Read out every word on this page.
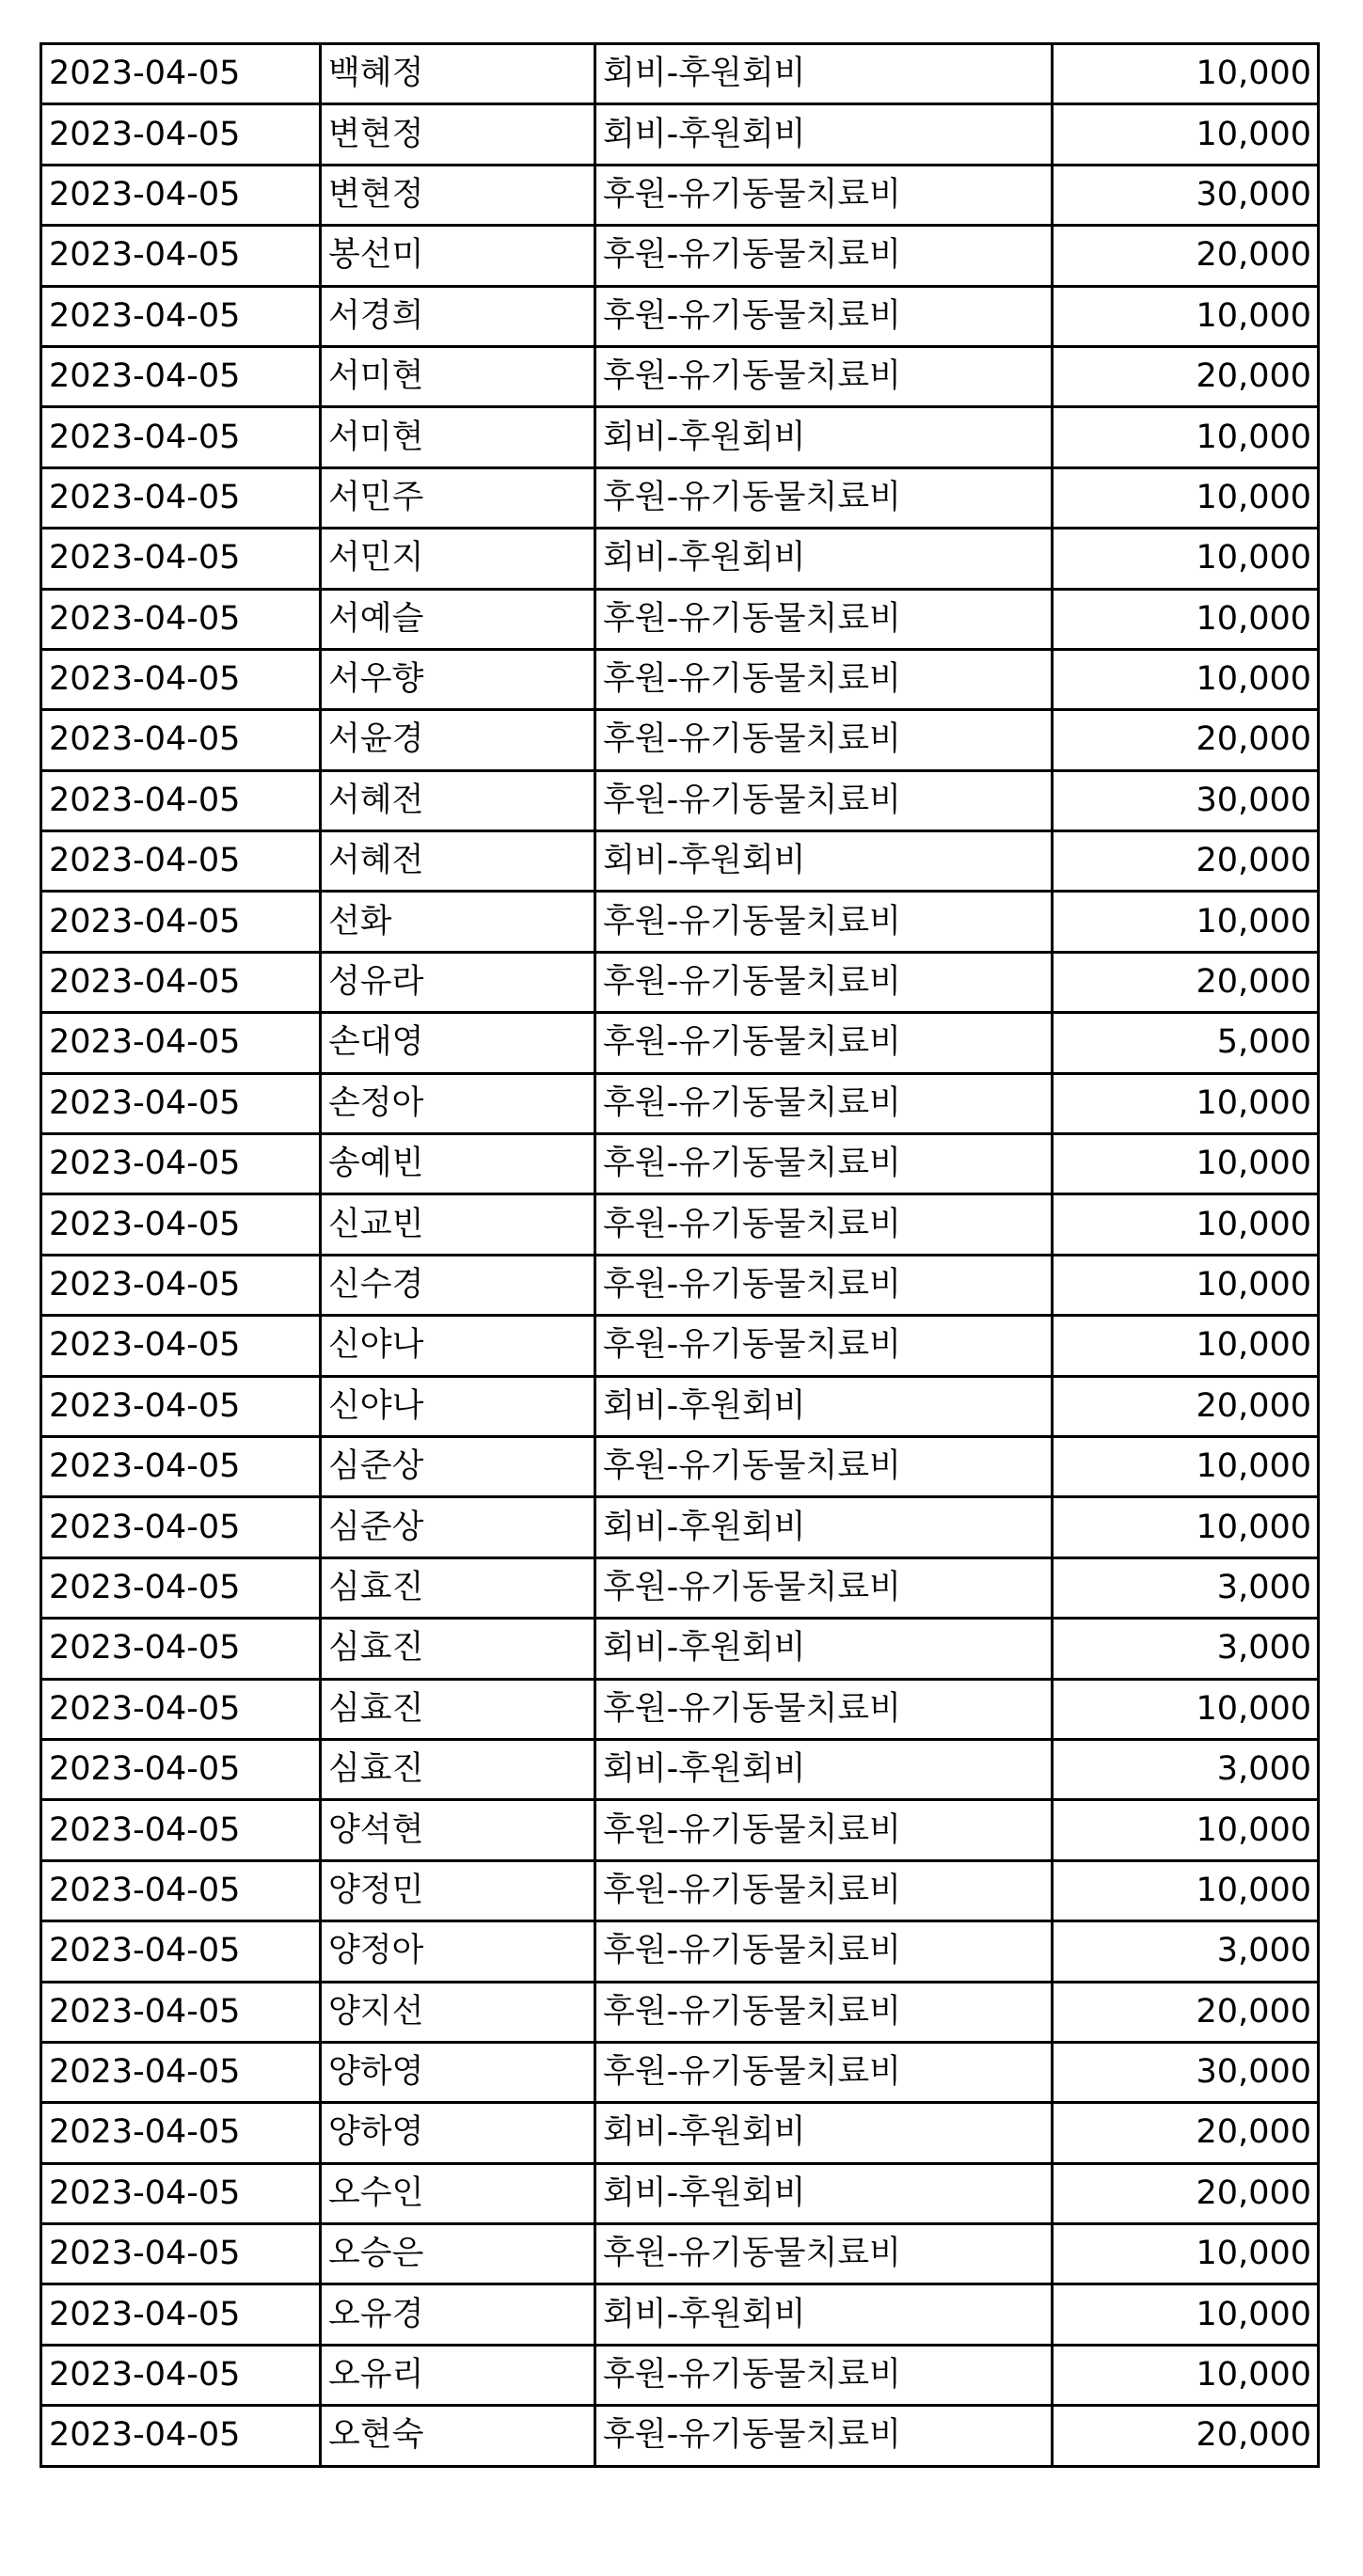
2023-04-05	백혜정	회비-후원회비	10,000
2023-04-05	변현정	회비-후원회비	10,000
2023-04-05	변현정	후원-유기동물치료비	30,000
2023-04-05	봉선미	후원-유기동물치료비	20,000
2023-04-05	서경희	후원-유기동물치료비	10,000
2023-04-05	서미현	후원-유기동물치료비	20,000
2023-04-05	서미현	회비-후원회비	10,000
2023-04-05	서민주	후원-유기동물치료비	10,000
2023-04-05	서민지	회비-후원회비	10,000
2023-04-05	서예슬	후원-유기동물치료비	10,000
2023-04-05	서우향	후원-유기동물치료비	10,000
2023-04-05	서윤경	후원-유기동물치료비	20,000
2023-04-05	서혜전	후원-유기동물치료비	30,000
2023-04-05	서혜전	회비-후원회비	20,000
2023-04-05	선화	후원-유기동물치료비	10,000
2023-04-05	성유라	후원-유기동물치료비	20,000
2023-04-05	손대영	후원-유기동물치료비	5,000
2023-04-05	손정아	후원-유기동물치료비	10,000
2023-04-05	송예빈	후원-유기동물치료비	10,000
2023-04-05	신교빈	후원-유기동물치료비	10,000
2023-04-05	신수경	후원-유기동물치료비	10,000
2023-04-05	신야나	후원-유기동물치료비	10,000
2023-04-05	신야나	회비-후원회비	20,000
2023-04-05	심준상	후원-유기동물치료비	10,000
2023-04-05	심준상	회비-후원회비	10,000
2023-04-05	심효진	후원-유기동물치료비	3,000
2023-04-05	심효진	회비-후원회비	3,000
2023-04-05	심효진	후원-유기동물치료비	10,000
2023-04-05	심효진	회비-후원회비	3,000
2023-04-05	양석현	후원-유기동물치료비	10,000
2023-04-05	양정민	후원-유기동물치료비	10,000
2023-04-05	양정아	후원-유기동물치료비	3,000
2023-04-05	양지선	후원-유기동물치료비	20,000
2023-04-05	양하영	후원-유기동물치료비	30,000
2023-04-05	양하영	회비-후원회비	20,000
2023-04-05	오수인	회비-후원회비	20,000
2023-04-05	오승은	후원-유기동물치료비	10,000
2023-04-05	오유경	회비-후원회비	10,000
2023-04-05	오유리	후원-유기동물치료비	10,000
2023-04-05	오현숙	후원-유기동물치료비	20,000
